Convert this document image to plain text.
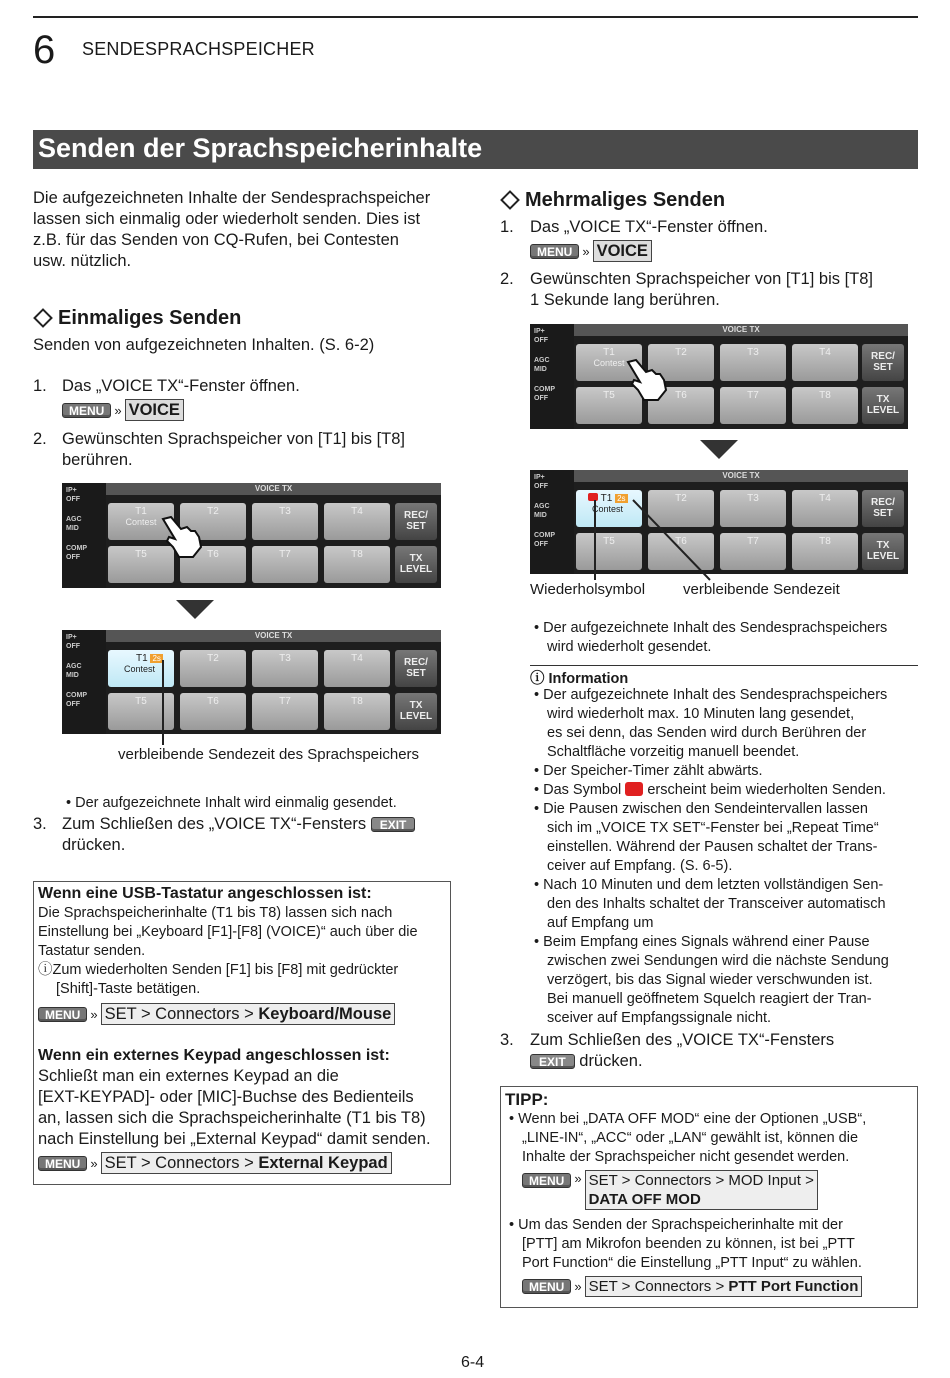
6 SENDESPRACHSPEICHER
Senden der Sprachspeicherinhalte
Die aufgezeichneten Inhalte der Sendesprachspeicher
lassen sich einmalig oder wiederholt senden. Dies ist
z.B. für das Senden von CQ-Rufen, bei Contesten
usw. nützlich.
Einmaliges Senden
Senden von aufgezeichneten Inhalten. (S. 6-2)
1. Das „VOICE TX“-Fenster öffnen.
MENU » VOICE
2. Gewünschten Sprachspeicher von [T1] bis [T8]
berühren.
IP+
OFF
AGC
MID
COMP
OFF
VOICE TX
T1
Contest
T2	T3	T4
T5	T6	T7	T8
REC/
SET
TX
LEVEL
IP+
OFF
AGC
MID
COMP
OFF
VOICE TX
T1 2s
Contest
T2	T3	T4
T5	T6	T7	T8
REC/
SET
TX
LEVEL
verbleibende Sendezeit des Sprachspeichers
• Der aufgezeichnete Inhalt wird einmalig gesendet.
3. Zum Schließen des „VOICE TX“-Fensters EXIT
drücken.
Wenn eine USB-Tastatur angeschlossen ist:
Die Sprachspeicherinhalte (T1 bis T8) lassen sich nach
Einstellung bei „Keyboard [F1]-[F8] (VOICE)“ auch über die
Tastatur senden.
ⓘZum wiederholten Senden [F1] bis [F8] mit gedrückter
[Shift]-Taste betätigen.
MENU » SET > Connectors > Keyboard/Mouse
Wenn ein externes Keypad angeschlossen ist:
Schließt man ein externes Keypad an die
[EXT-KEYPAD]- oder [MIC]-Buchse des Bedienteils
an, lassen sich die Sprachspeicherinhalte (T1 bis T8)
nach Einstellung bei „External Keypad“ damit senden.
MENU » SET > Connectors > External Keypad
Mehrmaliges Senden
1. Das „VOICE TX“-Fenster öffnen.
MENU » VOICE
2. Gewünschten Sprachspeicher von [T1] bis [T8]
1 Sekunde lang berühren.
IP+
OFF
AGC
MID
COMP
OFF
VOICE TX
T1
Contest
T2	T3	T4
T5	T6	T7	T8
REC/
SET
TX
LEVEL
IP+
OFF
AGC
MID
COMP
OFF
VOICE TX
T1 2s
Contest
T2	T3	T4
T5	T6	T7	T8
REC/
SET
TX
LEVEL
Wiederholsymbol	verbleibende Sendezeit
• Der aufgezeichnete Inhalt des Sendesprachspeichers
wird wiederholt gesendet.
ⓘ Information
• Der aufgezeichnete Inhalt des Sendesprachspeichers
wird wiederholt max. 10 Minuten lang gesendet,
es sei denn, das Senden wird durch Berühren der
Schaltfläche vorzeitig manuell beendet.
• Der Speicher-Timer zählt abwärts.
• Das Symbol erscheint beim wiederholten Senden.
• Die Pausen zwischen den Sendeintervallen lassen
sich im „VOICE TX SET“-Fenster bei „Repeat Time“
einstellen. Während der Pausen schaltet der Trans-
ceiver auf Empfang. (S. 6-5).
• Nach 10 Minuten und dem letzten vollständigen Sen-
den des Inhalts schaltet der Transceiver automatisch
auf Empfang um
• Beim Empfang eines Signals während einer Pause
zwischen zwei Sendungen wird die nächste Sendung
verzögert, bis das Signal wieder verschwunden ist.
Bei manuell geöffnetem Squelch reagiert der Tran-
sceiver auf Empfangssignale nicht.
3. Zum Schließen des „VOICE TX“-Fensters
EXIT drücken.
TIPP:
• Wenn bei „DATA OFF MOD“ eine der Optionen „USB“,
„LINE-IN“, „ACC“ oder „LAN“ gewählt ist, können die
Inhalte der Sprachspeicher nicht gesendet werden.
MENU » SET > Connectors > MOD Input >
DATA OFF MOD
• Um das Senden der Sprachspeicherinhalte mit der
[PTT] am Mikrofon beenden zu können, ist bei „PTT
Port Function“ die Einstellung „PTT Input“ zu wählen.
MENU » SET > Connectors > PTT Port Function
6-4
